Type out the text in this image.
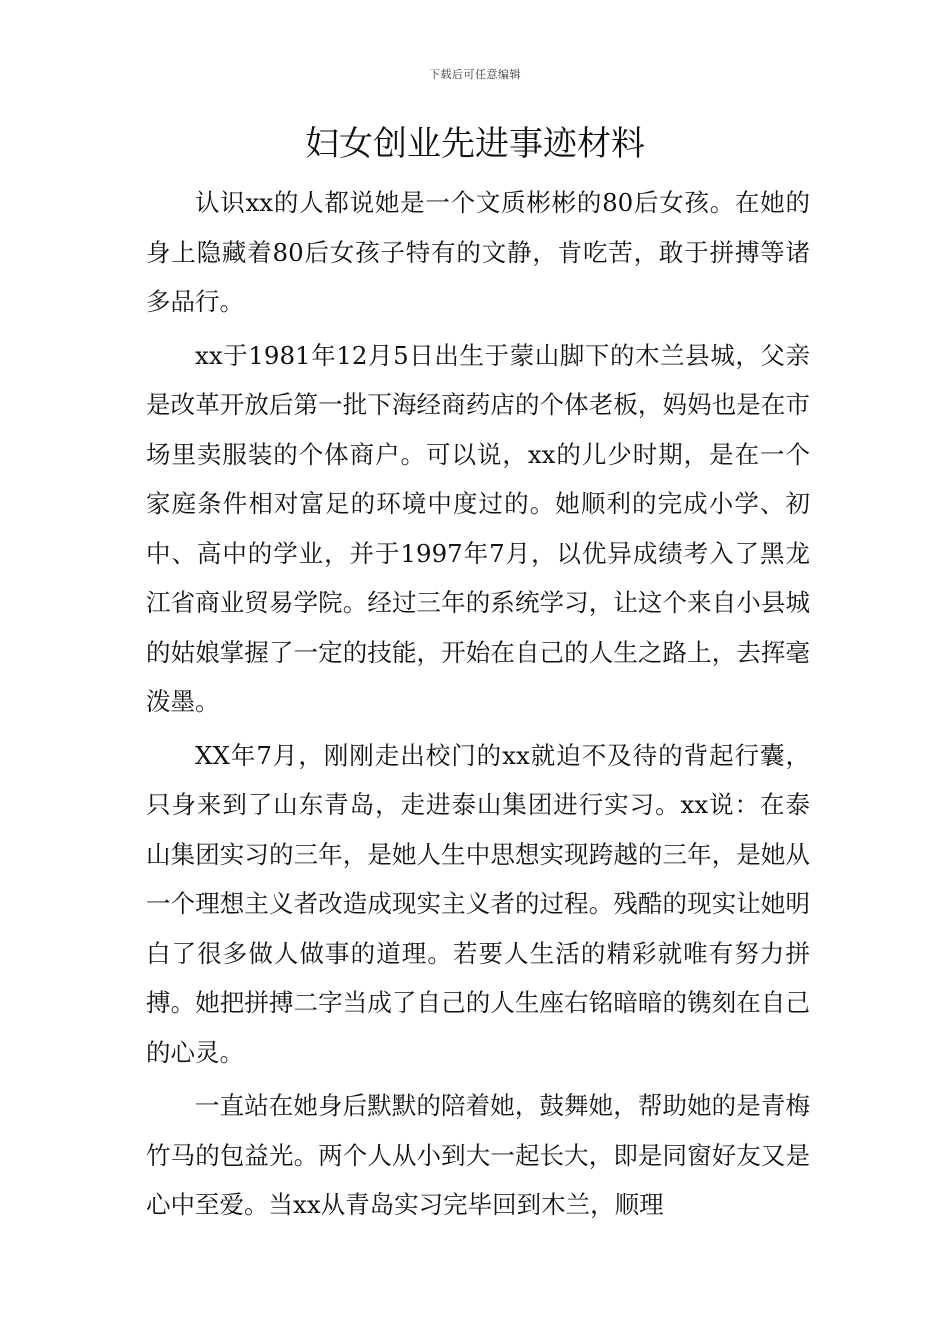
下载后可任意编辑
妇女创业先进事迹材料

认识xx的人都说她是一个文质彬彬的80后女孩。在她的身上隐藏着80后女孩子特有的文静，肯吃苦，敢于拼搏等诸多品行。

xx于1981年12月5日出生于蒙山脚下的木兰县城，父亲是改革开放后第一批下海经商药店的个体老板，妈妈也是在市场里卖服装的个体商户。可以说，xx的儿少时期，是在一个家庭条件相对富足的环境中度过的。她顺利的完成小学、初中、高中的学业，并于1997年7月，以优异成绩考入了黑龙江省商业贸易学院。经过三年的系统学习，让这个来自小县城的姑娘掌握了一定的技能，开始在自己的人生之路上，去挥毫泼墨。

XX年7月，刚刚走出校门的xx就迫不及待的背起行囊，只身来到了山东青岛，走进泰山集团进行实习。xx说：在泰山集团实习的三年，是她人生中思想实现跨越的三年，是她从一个理想主义者改造成现实主义者的过程。残酷的现实让她明白了很多做人做事的道理。若要人生活的精彩就唯有努力拼搏。她把拼搏二字当成了自己的人生座右铭暗暗的镌刻在自己的心灵。

一直站在她身后默默的陪着她，鼓舞她，帮助她的是青梅竹马的包益光。两个人从小到大一起长大，即是同窗好友又是心中至爱。当xx从青岛实习完毕回到木兰，顺理
